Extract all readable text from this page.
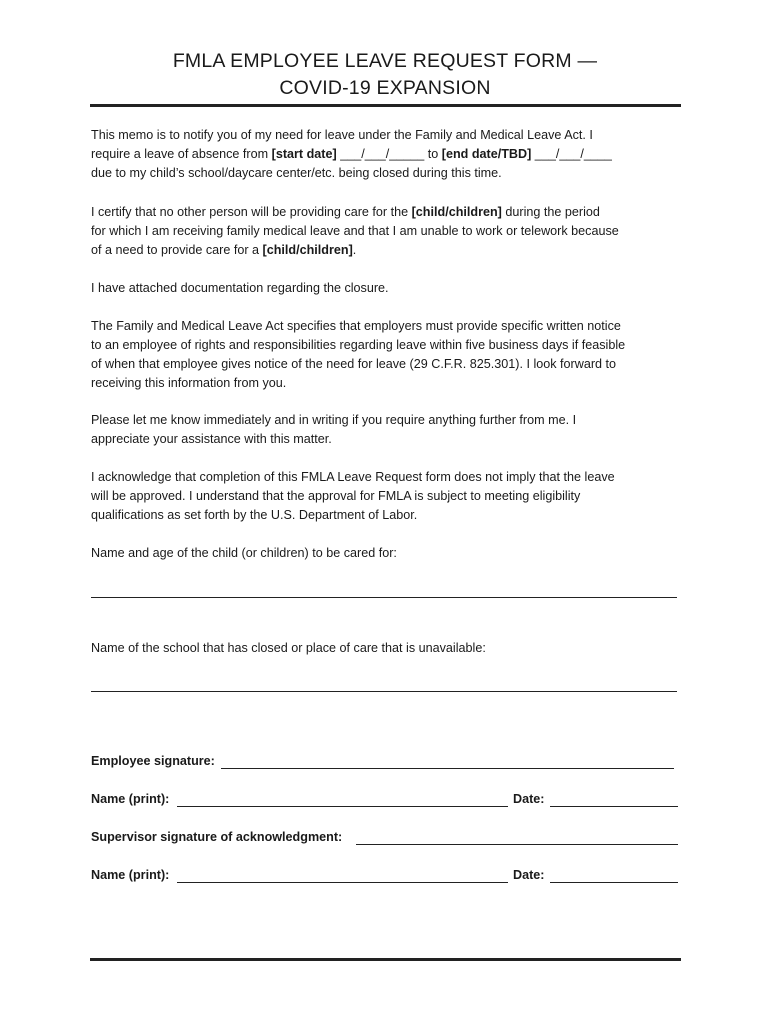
FMLA EMPLOYEE LEAVE REQUEST FORM —
COVID-19 EXPANSION
This memo is to notify you of my need for leave under the Family and Medical Leave Act. I
require a leave of absence from [start date] ___/___/_____ to [end date/TBD] ___/___/____
due to my child’s school/daycare center/etc. being closed during this time.
I certify that no other person will be providing care for the [child/children] during the period
for which I am receiving family medical leave and that I am unable to work or telework because
of a need to provide care for a [child/children].
I have attached documentation regarding the closure.
The Family and Medical Leave Act specifies that employers must provide specific written notice
to an employee of rights and responsibilities regarding leave within five business days if feasible
of when that employee gives notice of the need for leave (29 C.F.R. 825.301). I look forward to
receiving this information from you.
Please let me know immediately and in writing if you require anything further from me. I
appreciate your assistance with this matter.
I acknowledge that completion of this FMLA Leave Request form does not imply that the leave
will be approved. I understand that the approval for FMLA is subject to meeting eligibility
qualifications as set forth by the U.S. Department of Labor.
Name and age of the child (or children) to be cared for:
Name of the school that has closed or place of care that is unavailable:
Employee signature:
Name (print):	Date:
Supervisor signature of acknowledgment:
Name (print):	Date:
